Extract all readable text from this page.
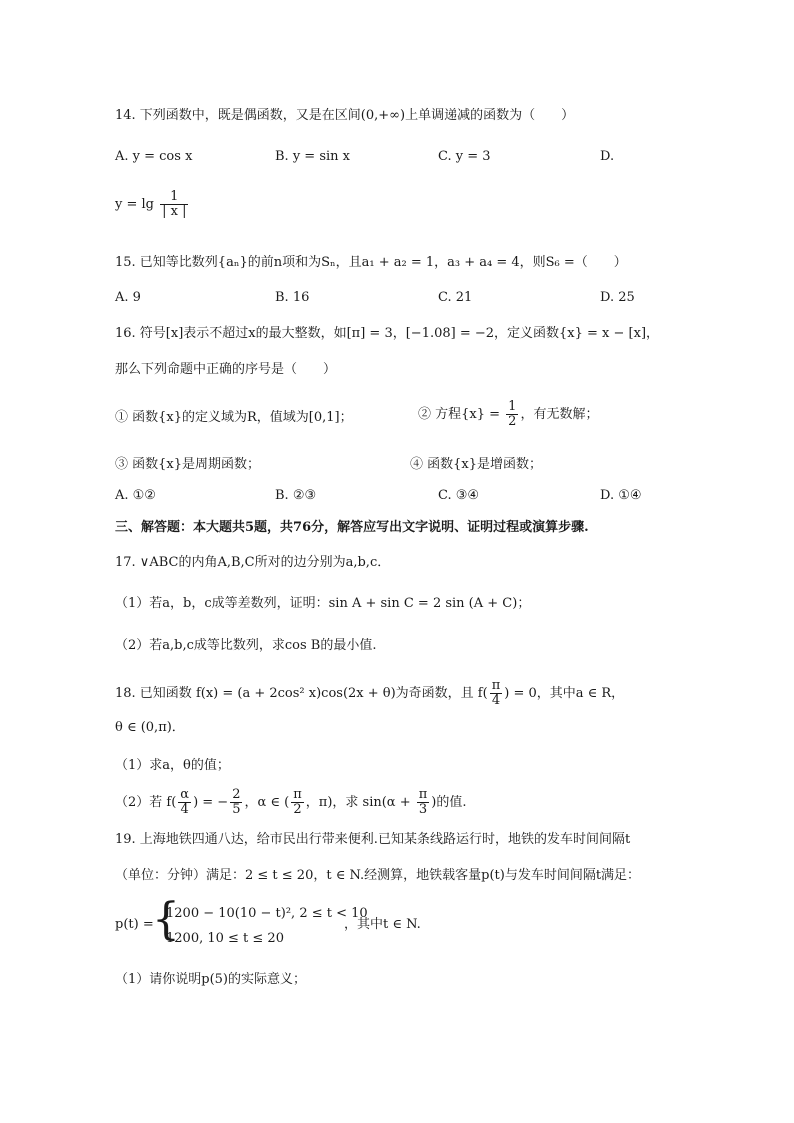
14. 下列函数中，既是偶函数，又是在区间(0,+∞)上单调递减的函数为（　　）
A. y = cos x	B. y = sin x	C. y = 3	D.
$y = \lg \frac{1}{| x |}$
15. 已知等比数列{aₙ}的前n项和为Sₙ，且a₁ + a₂ = 1，a₃ + a₄ = 4，则S₆ =（　　）
A. 9	B. 16	C. 21	D. 25
16. 符号[x]表示不超过x的最大整数，如[π] = 3，[−1.08] = −2，定义函数{x} = x − [x]，
那么下列命题中正确的序号是（　　）
① 函数{x}的定义域为R，值域为[0,1]；	② 方程$\{x\} = \frac{1}{2}$ ，有无数解；
③ 函数{x}是周期函数；	④ 函数{x}是增函数；
A. ①②	B. ②③	C. ③④	D. ①④
三、解答题：本大题共5题，共76分，解答应写出文字说明、证明过程或演算步骤.
17. ∨ABC的内角A,B,C所对的边分别为a,b,c．
（1）若a，b，c成等差数列，证明：sin A + sin C = 2 sin (A + C)；
（2）若a,b,c成等比数列，求cos B的最小值.
18. 已知函数 f(x) = (a + 2cos² x)cos(2x + θ)为奇函数，且 $f( \frac{\pi}{4}$ ) = 0，其中a ∈ R，
θ ∈ (0,π)．
（1）求a，θ的值；
（2）若 $f( \frac{\alpha}{4}$ ) = − $\frac{2}{5}$ ，α ∈ ( $\frac{\pi}{2}$ ，π)，求 $\sin(\alpha + \frac{\pi}{3}$ )的值.
19. 上海地铁四通八达，给市民出行带来便利.已知某条线路运行时，地铁的发车时间间隔t
（单位：分钟）满足：2 ≤ t ≤ 20，t ∈ N.经测算，地铁载客量p(t)与发车时间间隔t满足：
p(t) =
{
1200 − 10(10 − t)², 2 ≤ t < 10
1200, 10 ≤ t ≤ 20
，其中t ∈ N.
（1）请你说明p(5)的实际意义；
